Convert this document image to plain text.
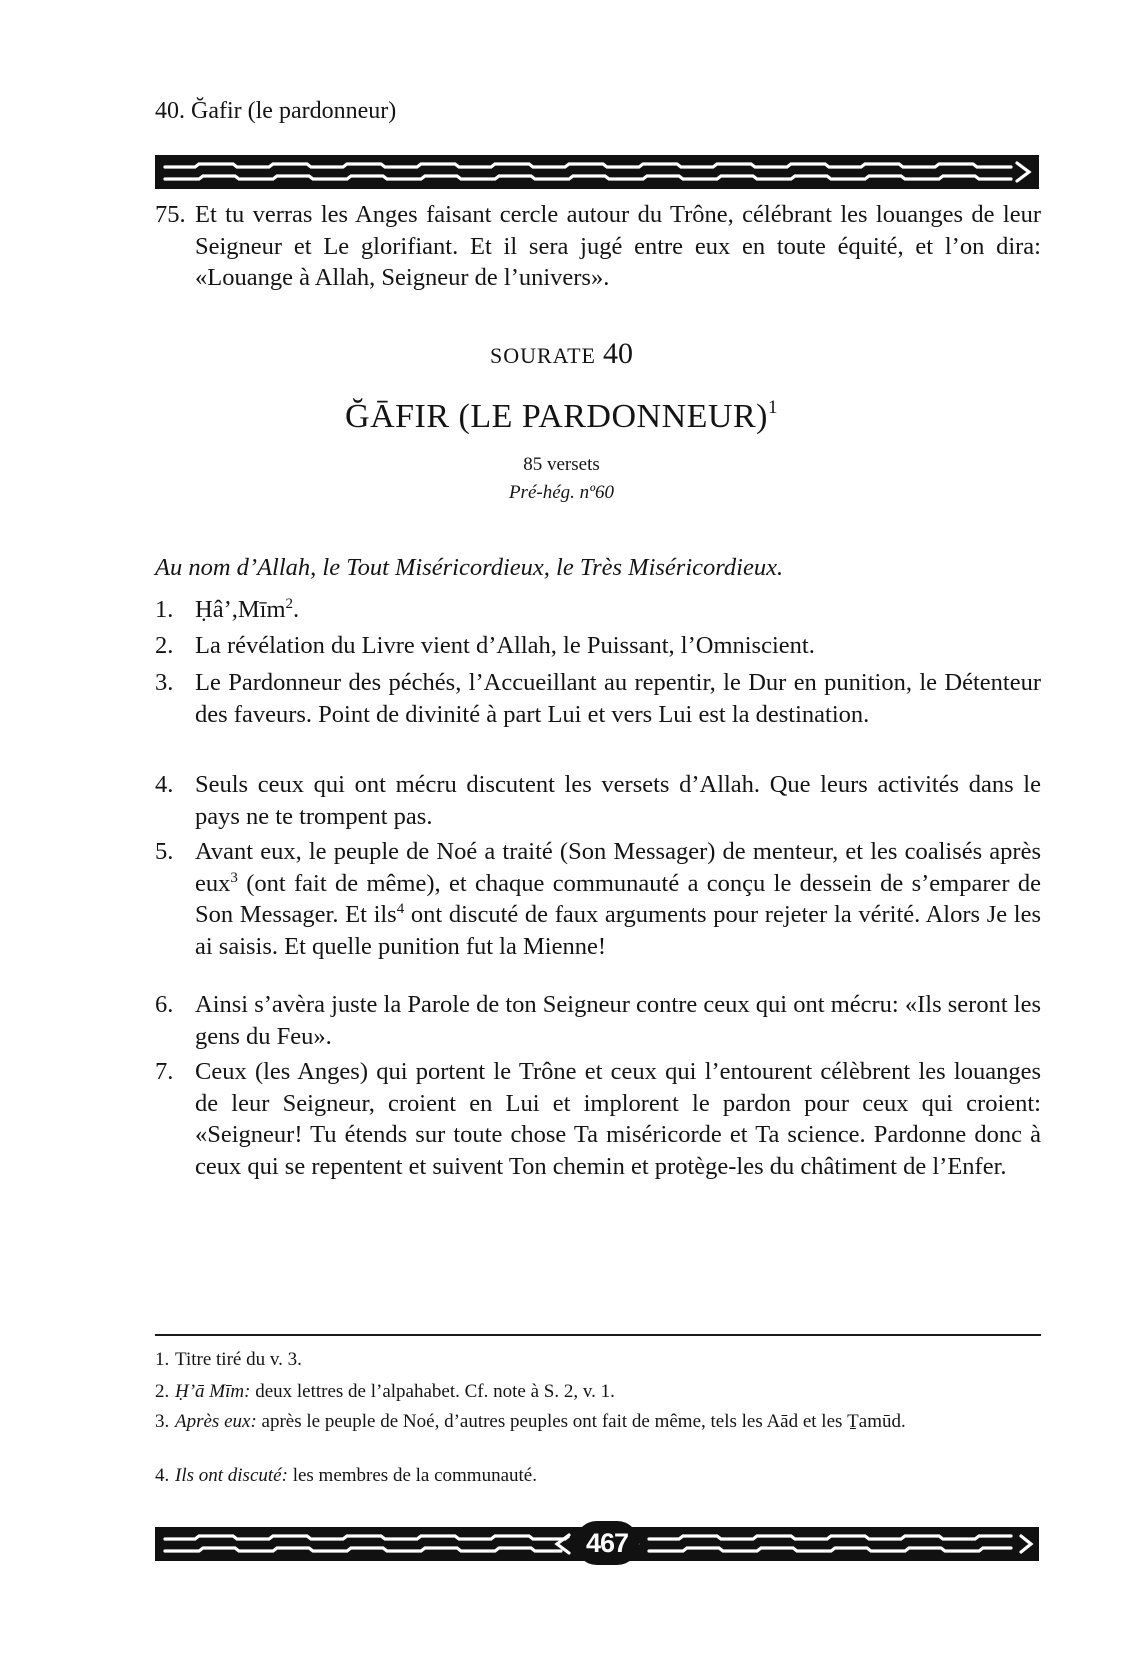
40. Ğafir (le pardonneur)
75. Et tu verras les Anges faisant cercle autour du Trône, célébrant les louanges de leur Seigneur et Le glorifiant. Et il sera jugé entre eux en toute équité, et l’on dira: «Louange à Allah, Seigneur de l’univers».
SOURATE 40
ĞĀFIR (LE PARDONNEUR)$^1$
85 versets
Pré-hég. nº60
Au nom d’Allah, le Tout Miséricordieux, le Très Miséricordieux.
1. Ḥâ’,Mīm$^2$.
2. La révélation du Livre vient d’Allah, le Puissant, l’Omniscient.
3. Le Pardonneur des péchés, l’Accueillant au repentir, le Dur en punition, le Détenteur des faveurs. Point de divinité à part Lui et vers Lui est la destination.
4. Seuls ceux qui ont mécru discutent les versets d’Allah. Que leurs activités dans le pays ne te trompent pas.
5. Avant eux, le peuple de Noé a traité (Son Messager) de menteur, et les coalisés après eux$^3$ (ont fait de même), et chaque communauté a conçu le dessein de s’emparer de Son Messager. Et ils$^4$ ont discuté de faux arguments pour rejeter la vérité. Alors Je les ai saisis. Et quelle punition fut la Mienne!
6. Ainsi s’avèra juste la Parole de ton Seigneur contre ceux qui ont mécru: «Ils seront les gens du Feu».
7. Ceux (les Anges) qui portent le Trône et ceux qui l’entourent célèbrent les louanges de leur Seigneur, croient en Lui et implorent le pardon pour ceux qui croient: «Seigneur! Tu étends sur toute chose Ta miséricorde et Ta science. Pardonne donc à ceux qui se repentent et suivent Ton chemin et protège-les du châtiment de l’Enfer.
1. Titre tiré du v. 3.
2. Ḥ’ā Mīm: deux lettres de l’alpahabet. Cf. note à S. 2, v. 1.
3. Après eux: après le peuple de Noé, d’autres peuples ont fait de même, tels les Aād et les Ṯamūd.
4. Ils ont discuté: les membres de la communauté.
467
